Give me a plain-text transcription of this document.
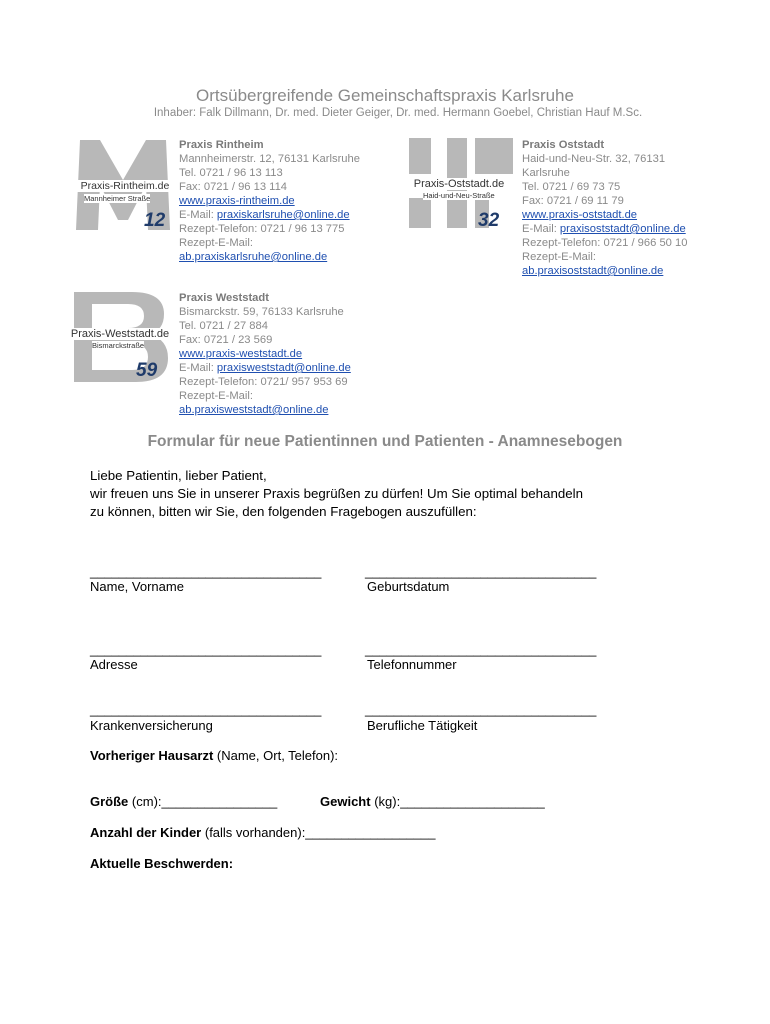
Ortsübergreifende Gemeinschaftspraxis Karlsruhe
Inhaber: Falk Dillmann, Dr. med. Dieter Geiger, Dr. med. Hermann Goebel, Christian Hauf M.Sc.
Praxis-Rintheim.de
Mannheimer Straße
12
Praxis Rintheim
Mannheimerstr. 12, 76131 Karlsruhe
Tel. 0721 / 96 13 113
Fax: 0721 / 96 13 114
www.praxis-rintheim.de
E-Mail: praxiskarlsruhe@online.de
Rezept-Telefon: 0721 / 96 13 775
Rezept-E-Mail:
ab.praxiskarlsruhe@online.de
Praxis-Oststadt.de
Haid-und-Neu-Straße
32
Praxis Oststadt
Haid-und-Neu-Str. 32, 76131
Karlsruhe
Tel. 0721 / 69 73 75
Fax: 0721 / 69 11 79
www.praxis-oststadt.de
E-Mail: praxisoststadt@online.de
Rezept-Telefon: 0721 / 966 50 10
Rezept-E-Mail:
ab.praxisoststadt@online.de
Praxis-Weststadt.de
Bismarckstraße
59
Praxis Weststadt
Bismarckstr. 59, 76133 Karlsruhe
Tel. 0721 / 27 884
Fax: 0721 / 23 569
www.praxis-weststadt.de
E-Mail: praxisweststadt@online.de
Rezept-Telefon: 0721/ 957 953 69
Rezept-E-Mail:
ab.praxisweststadt@online.de
Formular für neue Patientinnen und Patienten - Anamnesebogen
Liebe Patientin, lieber Patient,
wir freuen uns Sie in unserer Praxis begrüßen zu dürfen! Um Sie optimal behandeln
zu können, bitten wir Sie, den folgenden Fragebogen auszufüllen:
________________________________	________________________________
Name, Vorname	Geburtsdatum
________________________________	________________________________
Adresse	Telefonnummer
________________________________	________________________________
Krankenversicherung	Berufliche Tätigkeit
Vorheriger Hausarzt (Name, Ort, Telefon):
Größe (cm):________________	Gewicht (kg):____________________
Anzahl der Kinder (falls vorhanden):__________________
Aktuelle Beschwerden:
